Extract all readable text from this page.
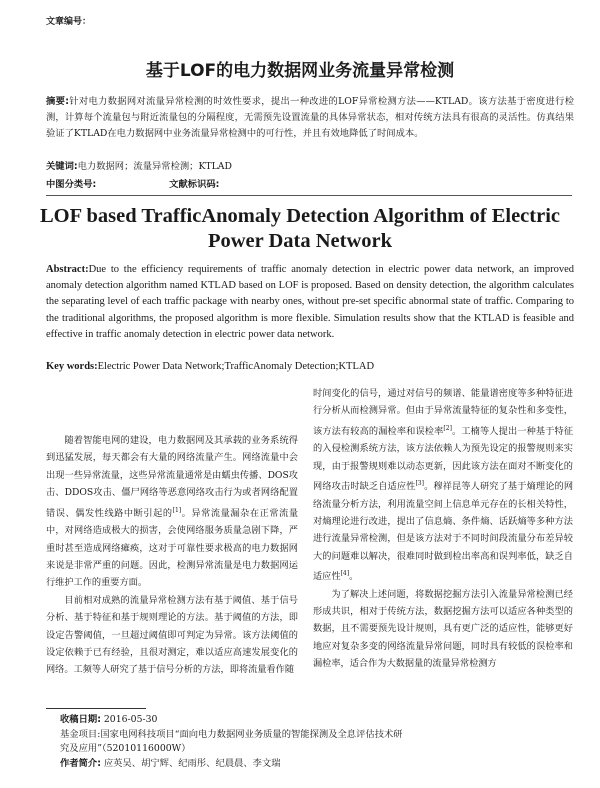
文章编号：
基于LOF的电力数据网业务流量异常检测
摘要:针对电力数据网对流量异常检测的时效性要求，提出一种改进的LOF异常检测方法——KTLAD。该方法基于密度进行检测，计算每个流量包与附近流量包的分隔程度，无需预先设置流量的具体异常状态，相对传统方法具有很高的灵活性。仿真结果验证了KTLAD在电力数据网中业务流量异常检测中的可行性，并且有效地降低了时间成本。
关键词:电力数据网；流量异常检测；KTLAD
中图分类号:	文献标识码:
LOF based TrafficAnomaly Detection Algorithm of Electric Power Data Network
Abstract:Due to the efficiency requirements of traffic anomaly detection in electric power data network, an improved anomaly detection algorithm named KTLAD based on LOF is proposed. Based on density detection, the algorithm calculates the separating level of each traffic package with nearby ones, without pre-set specific abnormal state of traffic. Comparing to the traditional algorithms, the proposed algorithm is more flexible. Simulation results show that the KTLAD is feasible and effective in traffic anomaly detection in electric power data network.
Key words:Electric Power Data Network;TrafficAnomaly Detection;KTLAD

随着智能电网的建设，电力数据网及其承载的业务系统得到迅猛发展，每天都会有大量的网络流量产生。网络流量中会出现一些异常流量，这些异常流量通常是由蠕虫传播、DOS攻击、DDOS攻击、僵尸网络等恶意网络攻击行为或者网络配置错误、偶发性线路中断引起的[1]。异常流量漏杂在正常流量中，对网络造成极大的损害，会使网络服务质量急剧下降，严重时甚至造成网络瘫痪，这对于可靠性要求极高的电力数据网来说是非常严重的问题。因此，检测异常流量是电力数据网运行维护工作的重要方面。

目前相对成熟的流量异常检测方法有基于阈值、基于信号分析、基于特征和基于规则理论的方法。基于阈值的方法，即设定告警阈值，一旦超过阈值即可判定为异常。该方法阈值的设定依赖于已有经验，且很对测定，难以适应高速发展变化的网络。工频等人研究了基于信号分析的方法，即将流量看作随

时间变化的信号，通过对信号的频谱、能量谱密度等多种特征进行分析从而检测异常。但由于异常流量特征的复杂性和多变性，该方法有较高的漏检率和误检率[2]。工楠等人提出一种基于特征的入侵检测系统方法，该方法依赖人为预先设定的报警规则来实现，由于报警规则难以动态更新，因此该方法在面对不断变化的网络攻击时缺乏自适应性[3]。穆祥昆等人研究了基于熵理论的网络流量分析方法，利用流量空间上信息单元存在的长相关特性，对熵理论进行改进，提出了信息熵、条件熵、话跃熵等多种方法进行流量异常检测，但是该方法对于不同时间段流量分布差异较大的问题难以解决，很难同时做到检出率高和误判率低，缺乏自适应性[4]。

为了解决上述问题，将数据挖掘方法引入流量异常检测已经形成共识，相对于传统方法，数据挖掘方法可以适应各种类型的数据，且不需要预先设计规则，具有更广泛的适应性，能够更好地应对复杂多变的网络流量异常问题，同时具有较低的误检率和漏检率，适合作为大数据量的流量异常检测方

收稿日期: 2016-05-30
基金项目:国家电网科技项目“面向电力数据网业务质量的智能探测及全息评估技术研
究及应用”（52010116000W）
作者简介: 应英吴、胡宁辉、纪雨彤、纪晨晨、李文瑞
